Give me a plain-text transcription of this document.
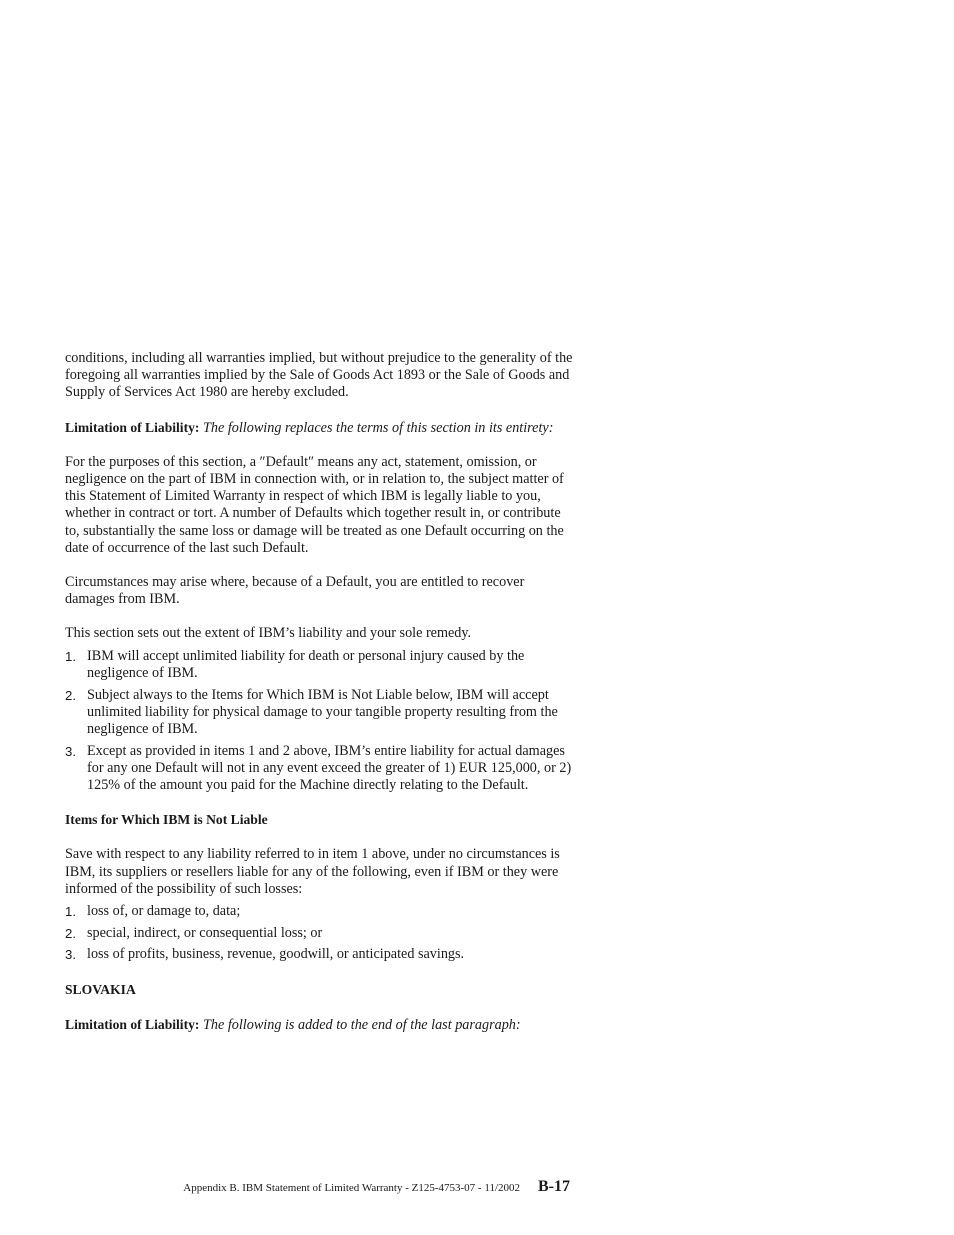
conditions, including all warranties implied, but without prejudice to the generality of the foregoing all warranties implied by the Sale of Goods Act 1893 or the Sale of Goods and Supply of Services Act 1980 are hereby excluded.

Limitation of Liability: The following replaces the terms of this section in its entirety:

For the purposes of this section, a ″Default″ means any act, statement, omission, or negligence on the part of IBM in connection with, or in relation to, the subject matter of this Statement of Limited Warranty in respect of which IBM is legally liable to you, whether in contract or tort. A number of Defaults which together result in, or contribute to, substantially the same loss or damage will be treated as one Default occurring on the date of occurrence of the last such Default.

Circumstances may arise where, because of a Default, you are entitled to recover damages from IBM.

This section sets out the extent of IBM’s liability and your sole remedy.

1. IBM will accept unlimited liability for death or personal injury caused by the negligence of IBM.
2. Subject always to the Items for Which IBM is Not Liable below, IBM will accept unlimited liability for physical damage to your tangible property resulting from the negligence of IBM.
3. Except as provided in items 1 and 2 above, IBM’s entire liability for actual damages for any one Default will not in any event exceed the greater of 1) EUR 125,000, or 2) 125% of the amount you paid for the Machine directly relating to the Default.

Items for Which IBM is Not Liable

Save with respect to any liability referred to in item 1 above, under no circumstances is IBM, its suppliers or resellers liable for any of the following, even if IBM or they were informed of the possibility of such losses:

1. loss of, or damage to, data;
2. special, indirect, or consequential loss; or
3. loss of profits, business, revenue, goodwill, or anticipated savings.

SLOVAKIA

Limitation of Liability: The following is added to the end of the last paragraph:

Appendix B. IBM Statement of Limited Warranty - Z125-4753-07 - 11/2002 B-17
